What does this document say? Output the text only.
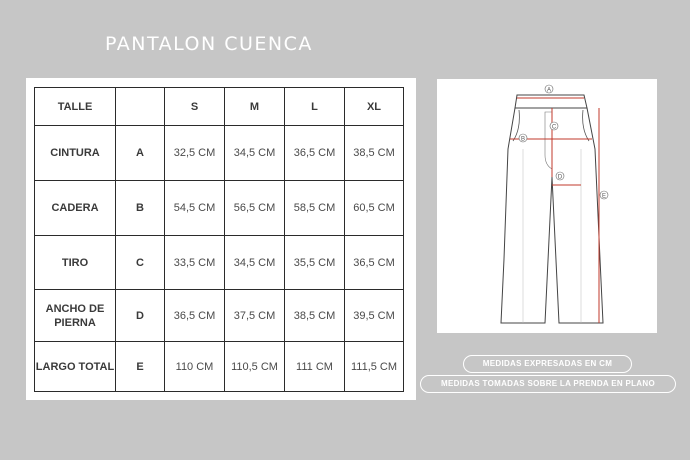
PANTALON CUENCA
TALLE		S	M	L	XL
CINTURA	A	32,5 CM	34,5 CM	36,5 CM	38,5 CM
CADERA	B	54,5 CM	56,5 CM	58,5 CM	60,5 CM
TIRO	C	33,5 CM	34,5 CM	35,5 CM	36,5 CM
ANCHO DE PIERNA	D	36,5 CM	37,5 CM	38,5 CM	39,5 CM
LARGO TOTAL	E	110 CM	110,5 CM	111 CM	111,5 CM
A
B
C
D
E
MEDIDAS EXPRESADAS EN CM
MEDIDAS TOMADAS SOBRE LA PRENDA EN PLANO
